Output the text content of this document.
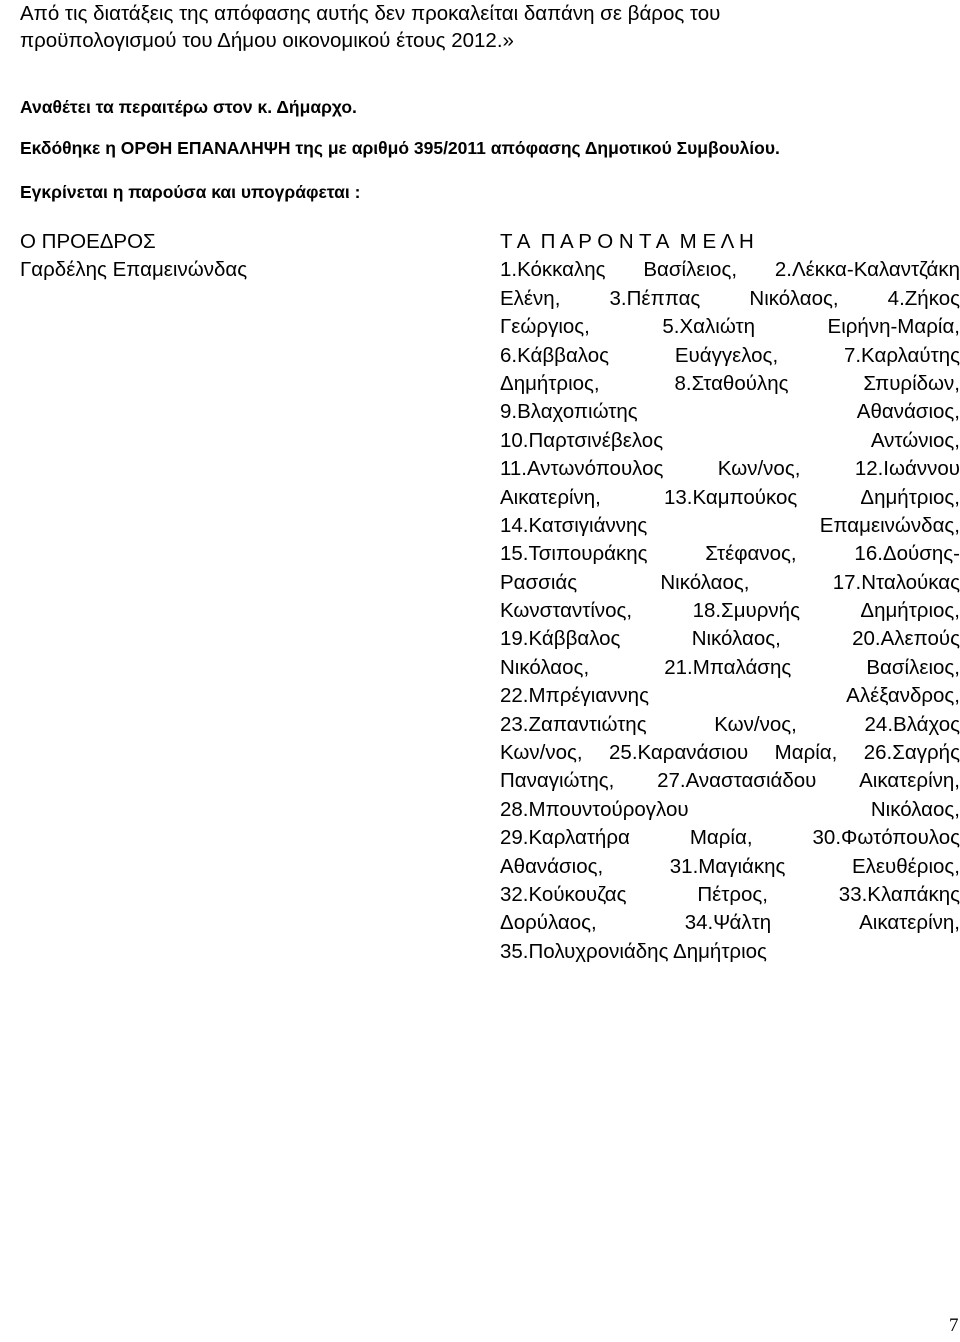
Από τις διατάξεις της απόφασης αυτής δεν προκαλείται δαπάνη σε βάρος του
προϋπολογισμού του Δήμου οικονομικού έτους 2012.»
Αναθέτει τα περαιτέρω στον κ. Δήμαρχο.
Εκδόθηκε η ΟΡΘΗ ΕΠΑΝΑΛΗΨΗ της με αριθμό 395/2011 απόφασης Δημοτικού Συμβουλίου.
Εγκρίνεται η παρούσα και υπογράφεται :
Ο ΠΡΟΕΔΡΟΣ
Γαρδέλης Επαμεινώνδας
Τ Α  Π Α Ρ Ο Ν Τ Α  Μ Ε Λ Η
1.Κόκκαλης Βασίλειος, 2.Λέκκα-Καλαντζάκη
Ελένη, 3.Πέππας Νικόλαος, 4.Ζήκος
Γεώργιος,	5.Χαλιώτη	Ειρήνη-Μαρία,
6.Κάββαλος	Ευάγγελος,	7.Καρλαύτης
Δημήτριος,	8.Σταθούλης	Σπυρίδων,
9.Βλαχοπιώτης	Αθανάσιος,
10.Παρτσινέβελος	Αντώνιος,
11.Αντωνόπουλος	Κων/νος,	12.Ιωάννου
Αικατερίνη,	13.Καμπούκος	Δημήτριος,
14.Κατσιγιάννης	Επαμεινώνδας,
15.Τσιπουράκης	Στέφανος,	16.Δούσης-
Ρασσιάς	Νικόλαος,	17.Νταλούκας
Κωνσταντίνος,	18.Σμυρνής	Δημήτριος,
19.Κάββαλος	Νικόλαος,	20.Αλεπούς
Νικόλαος,	21.Μπαλάσης	Βασίλειος,
22.Μπρέγιαννης	Αλέξανδρος,
23.Ζαπαντιώτης	Κων/νος,	24.Βλάχος
Κων/νος, 25.Καρανάσιου Μαρία, 26.Σαγρής
Παναγιώτης, 27.Αναστασιάδου Αικατερίνη,
28.Μπουντούρογλου	Νικόλαος,
29.Καρλατήρα	Μαρία,	30.Φωτόπουλος
Αθανάσιος,	31.Μαγιάκης	Ελευθέριος,
32.Κούκουζας	Πέτρος,	33.Κλαπάκης
Δορύλαος,	34.Ψάλτη	Αικατερίνη,
35.Πολυχρονιάδης Δημήτριος
7
